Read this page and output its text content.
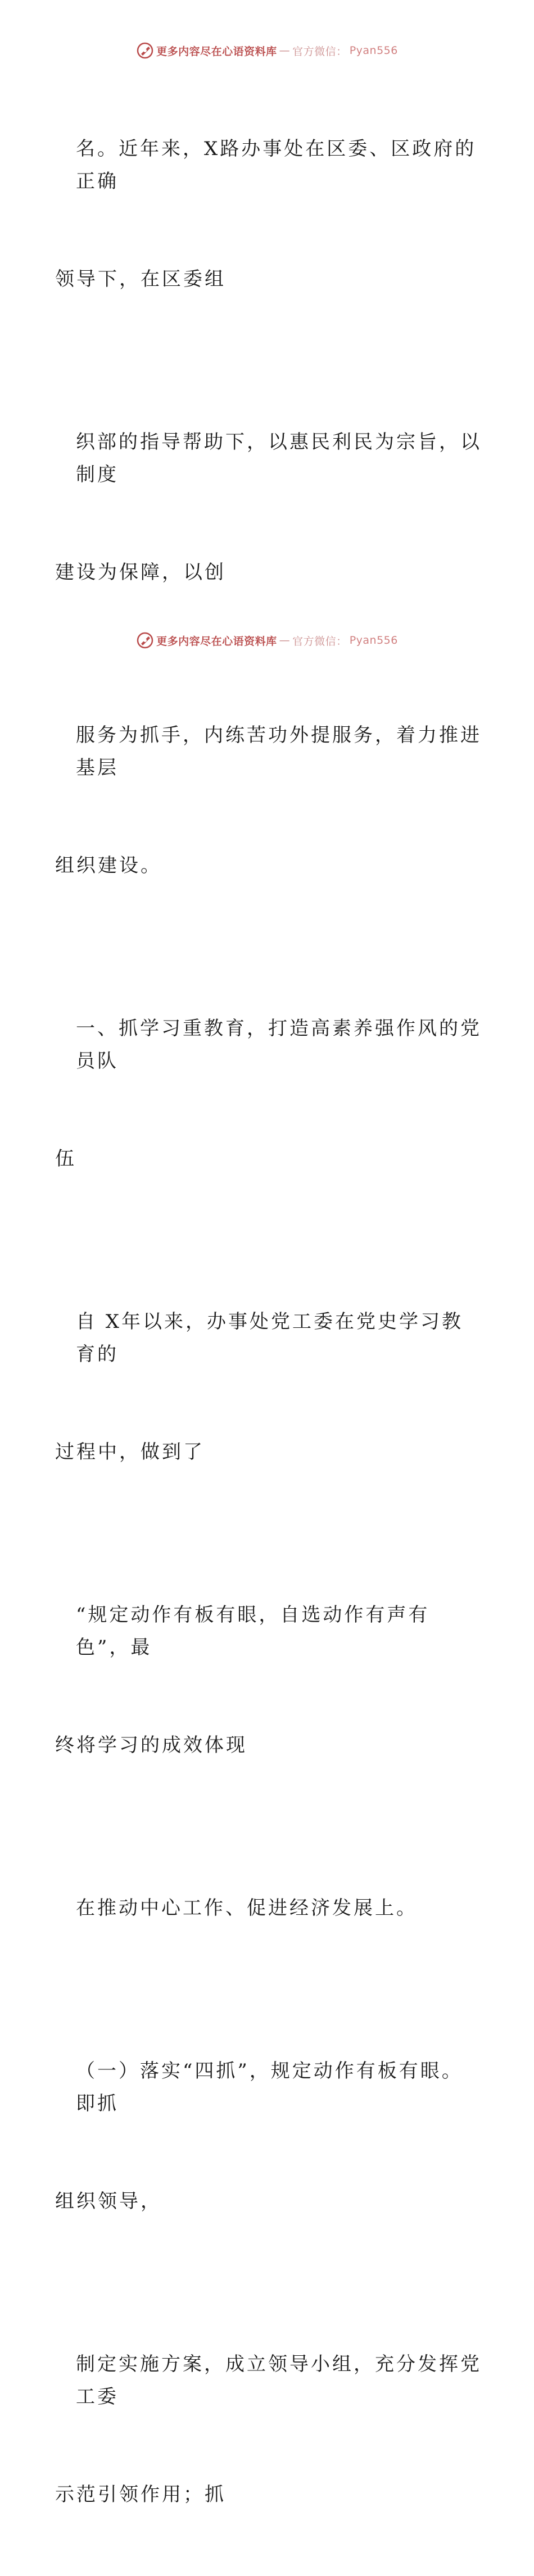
更多内容尽在心语资料库 — 官方微信： Pyan556

名。近年来，X路办事处在区委、区政府的正确

领导下，在区委组

织部的指导帮助下，以惠民利民为宗旨，以制度

建设为保障，以创

服务为抓手，内练苦功外提服务，着力推进基层

组织建设。

一、抓学习重教育，打造高素养强作风的党员队

伍

自 X年以来，办事处党工委在党史学习教育的

过程中，做到了

“规定动作有板有眼，自选动作有声有色”，最

终将学习的成效体现

在推动中心工作、促进经济发展上。

（一）落实“四抓”，规定动作有板有眼。即抓

组织领导，

制定实施方案，成立领导小组，充分发挥党工委

示范引领作用；抓

更多内容尽在心语资料库 — 官方微信： Pyan556
